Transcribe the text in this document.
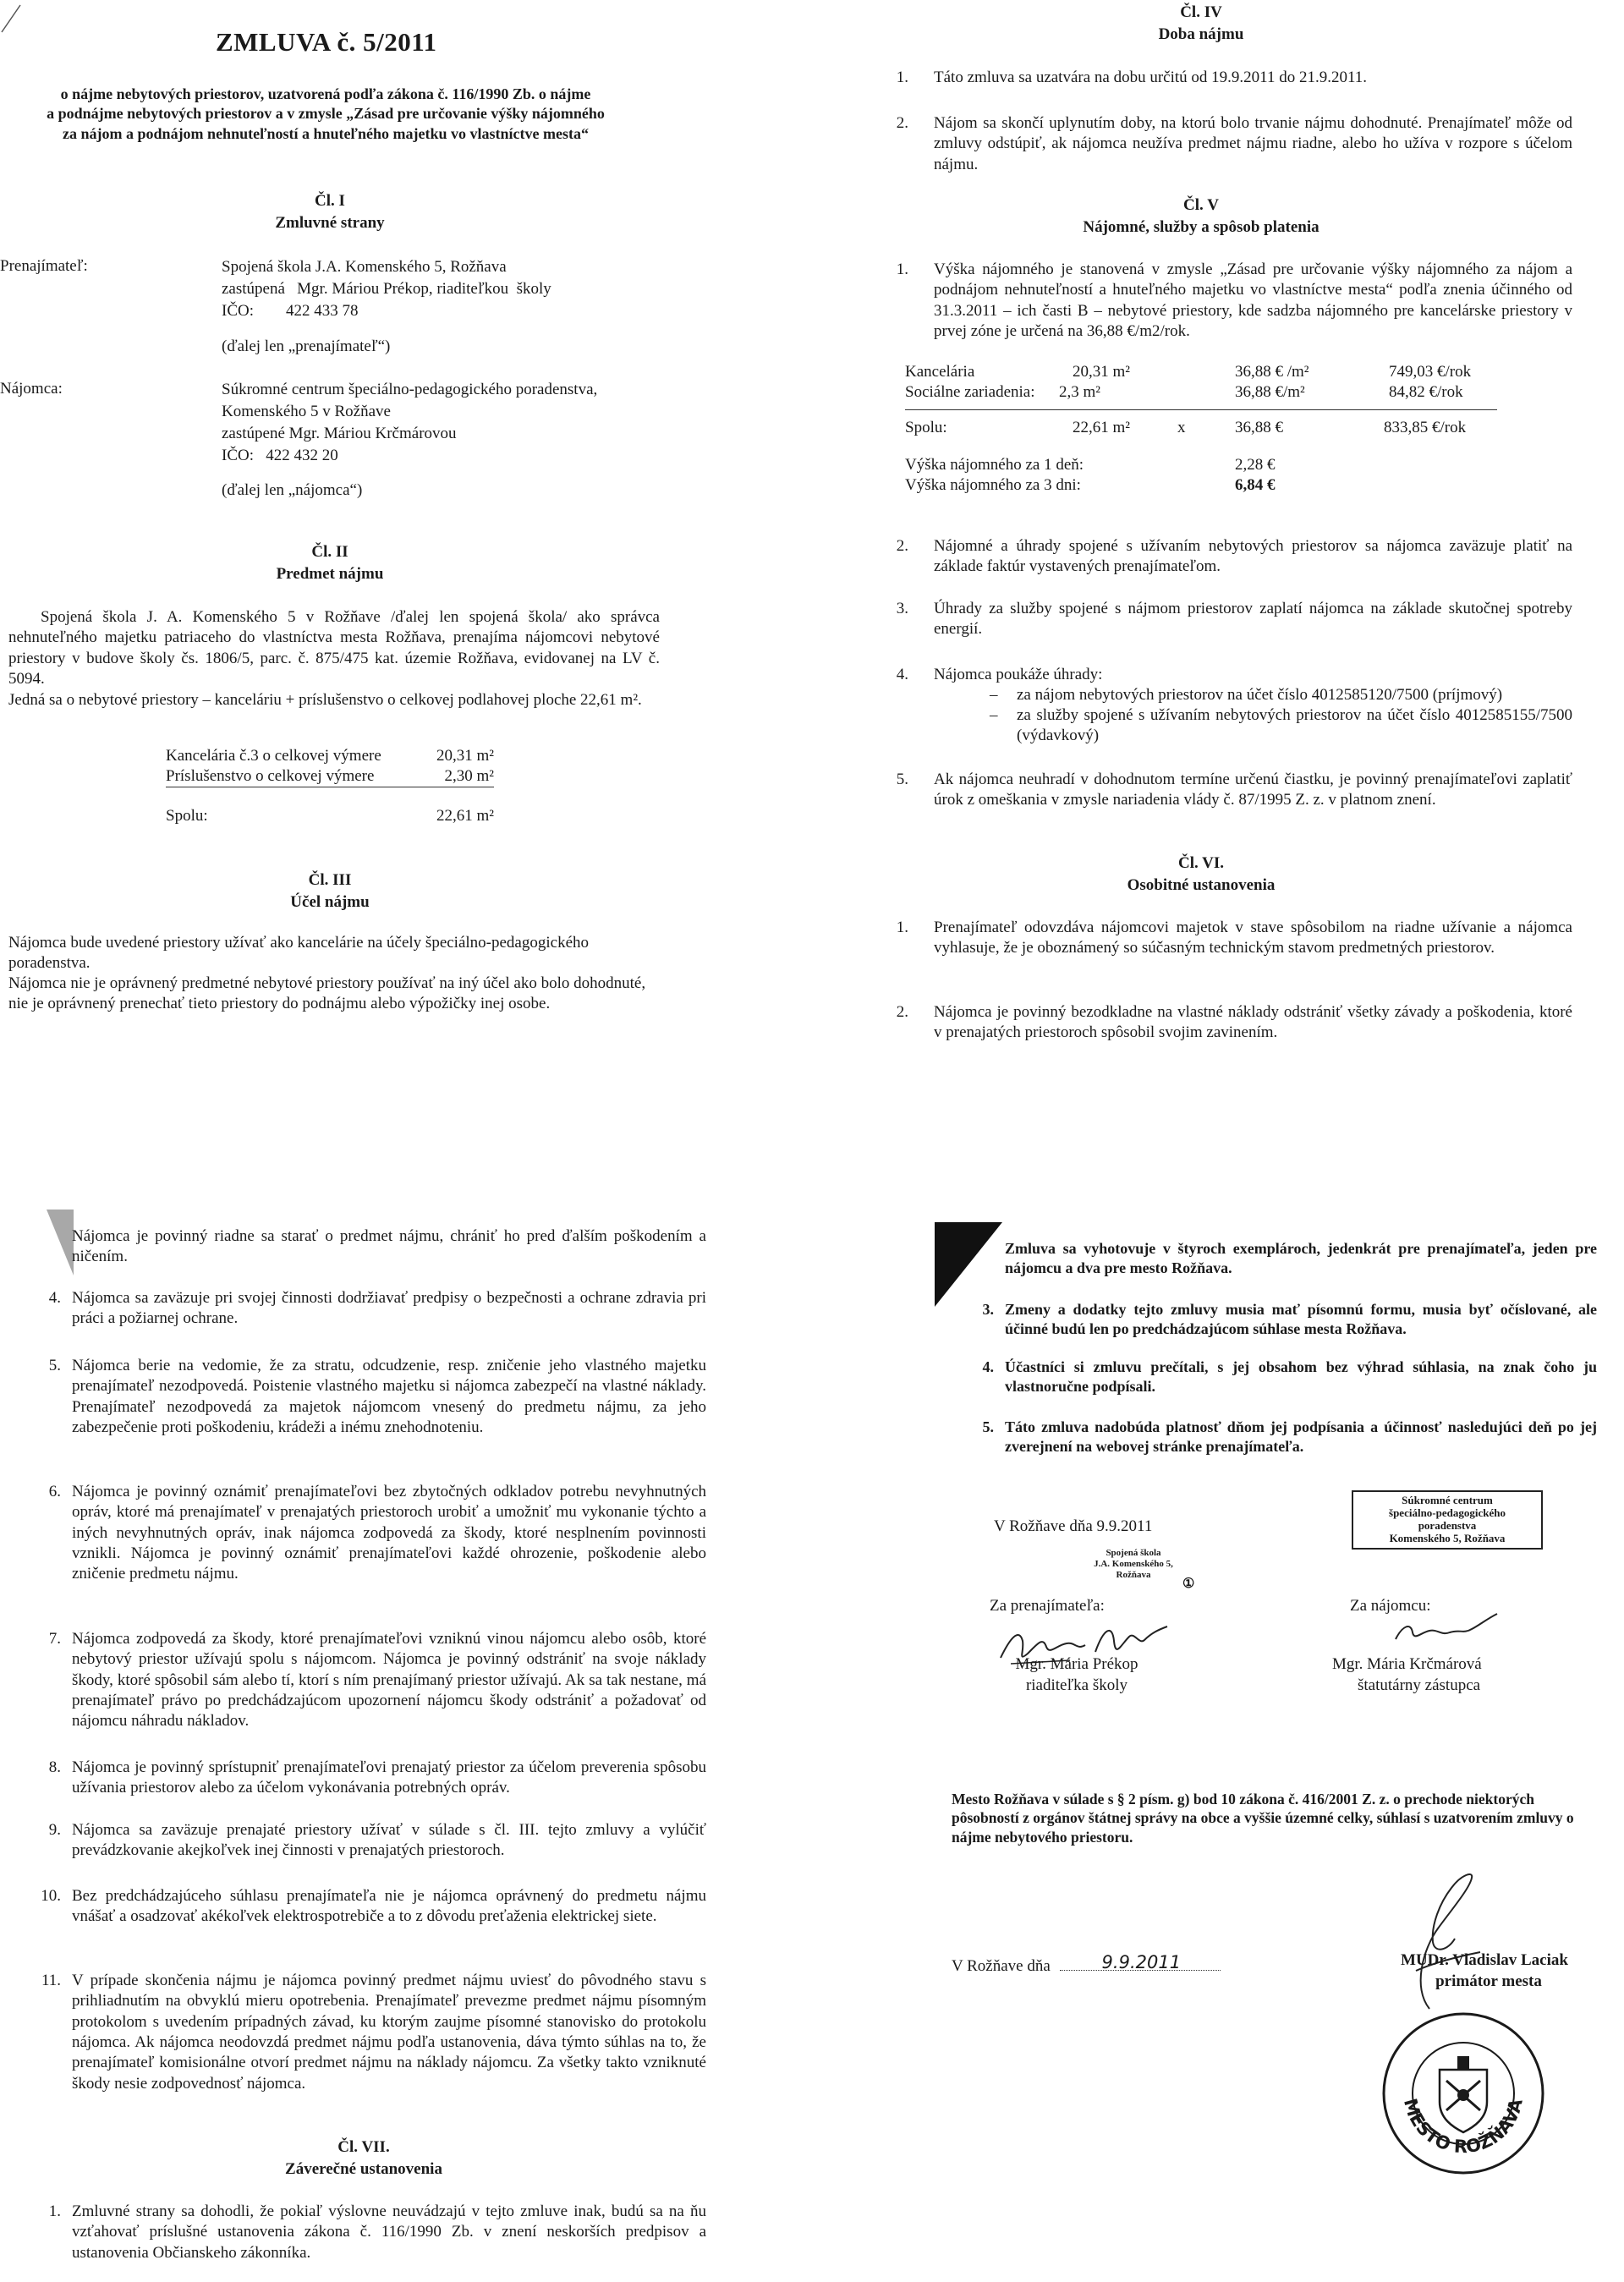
ZMLUVA č. 5/2011
o nájme nebytových priestorov, uzatvorená podľa zákona č. 116/1990 Zb. o nájme
a podnájme nebytových priestorov a v zmysle „Zásad pre určovanie výšky nájomného
za nájom a podnájom nehnuteľností a hnuteľného majetku vo vlastníctve mesta“
Čl. I
Zmluvné strany
Prenajímateľ:	Spojená škola J.A. Komenského 5, Rožňava
zastúpená   Mgr. Máriou Prékop, riaditeľkou  školy
IČO:        422 433 78
(ďalej len „prenajímateľ“)
Nájomca:	Súkromné centrum špeciálno-pedagogického poradenstva,
Komenského 5 v Rožňave
zastúpené Mgr. Máriou Krčmárovou
IČO:   422 432 20
(ďalej len „nájomca“)
Čl. II
Predmet nájmu
Spojená škola J. A. Komenského 5 v Rožňave /ďalej len spojená škola/ ako správca nehnuteľného majetku patriaceho do vlastníctva mesta Rožňava, prenajíma nájomcovi nebytové priestory v budove školy čs. 1806/5, parc. č. 875/475 kat. územie Rožňava, evidovanej na LV č. 5094.
Jedná sa o nebytové priestory – kanceláriu + príslušenstvo o celkovej podlahovej ploche 22,61 m².
Kancelária č.3 o celkovej výmere	20,31 m²
Príslušenstvo o celkovej výmere	2,30 m²
Spolu:	22,61 m²
Čl. III
Účel nájmu
Nájomca bude uvedené priestory užívať ako kancelárie na účely špeciálno-pedagogického poradenstva.
Nájomca nie je oprávnený predmetné nebytové priestory používať na iný účel ako bolo dohodnuté, nie je oprávnený prenechať tieto priestory do podnájmu alebo výpožičky inej osobe.
Čl. IV
Doba nájmu
1. Táto zmluva sa uzatvára na dobu určitú od 19.9.2011 do 21.9.2011.
2. Nájom sa skončí uplynutím doby, na ktorú bolo trvanie nájmu dohodnuté. Prenajímateľ môže od zmluvy odstúpiť, ak nájomca neužíva predmet nájmu riadne, alebo ho užíva v rozpore s účelom nájmu.
Čl. V
Nájomné, služby a spôsob platenia
1. Výška nájomného je stanovená v zmysle „Zásad pre určovanie výšky nájomného za nájom a podnájom nehnuteľností a hnuteľného majetku vo vlastníctve mesta“ podľa znenia účinného od 31.3.2011 – ich časti B – nebytové priestory, kde sadzba nájomného pre kancelárske priestory v prvej zóne je určená na 36,88 €/m2/rok.
Kancelária	20,31 m²	36,88 € /m²	749,03 €/rok
Sociálne zariadenia: 2,3 m²	36,88 €/m²	84,82 €/rok
Spolu:	22,61 m²	x	36,88 €	833,85 €/rok
Výška nájomného za 1 deň:	2,28 €
Výška nájomného za 3 dni:	6,84 €
2. Nájomné a úhrady spojené s užívaním nebytových priestorov sa nájomca zaväzuje platiť na základe faktúr vystavených prenajímateľom.
3. Úhrady za služby spojené s nájmom priestorov zaplatí nájomca na základe skutočnej spotreby energií.
4. Nájomca poukáže úhrady:
– za nájom nebytových priestorov na účet číslo 4012585120/7500 (príjmový)
– za služby spojené s užívaním nebytových priestorov na účet číslo 4012585155/7500 (výdavkový)
5. Ak nájomca neuhradí v dohodnutom termíne určenú čiastku, je povinný prenajímateľovi zaplatiť úrok z omeškania v zmysle nariadenia vlády č. 87/1995 Z. z. v platnom znení.
Čl. VI.
Osobitné ustanovenia
1. Prenajímateľ odovzdáva nájomcovi majetok v stave spôsobilom na riadne užívanie a nájomca vyhlasuje, že je oboznámený so súčasným technickým stavom predmetných priestorov.
2. Nájomca je povinný bezodkladne na vlastné náklady odstrániť všetky závady a poškodenia, ktoré v prenajatých priestoroch spôsobil svojim zavinením.
Nájomca je povinný riadne sa starať o predmet nájmu, chrániť ho pred ďalším poškodením a ničením.
4. Nájomca sa zaväzuje pri svojej činnosti dodržiavať predpisy o bezpečnosti a ochrane zdravia pri práci a požiarnej ochrane.
5. Nájomca berie na vedomie, že za stratu, odcudzenie, resp. zničenie jeho vlastného majetku prenajímateľ nezodpovedá. Poistenie vlastného majetku si nájomca zabezpečí na vlastné náklady. Prenajímateľ nezodpovedá za majetok nájomcom vnesený do predmetu nájmu, za jeho zabezpečenie proti poškodeniu, krádeži a inému znehodnoteniu.
6. Nájomca je povinný oznámiť prenajímateľovi bez zbytočných odkladov potrebu nevyhnutných opráv, ktoré má prenajímateľ v prenajatých priestoroch urobiť a umožniť mu vykonanie týchto a iných nevyhnutných opráv, inak nájomca zodpovedá za škody, ktoré nesplnením povinnosti vznikli. Nájomca je povinný oznámiť prenajímateľovi každé ohrozenie, poškodenie alebo zničenie predmetu nájmu.
7. Nájomca zodpovedá za škody, ktoré prenajímateľovi vzniknú vinou nájomcu alebo osôb, ktoré nebytový priestor užívajú spolu s nájomcom. Nájomca je povinný odstrániť na svoje náklady škody, ktoré spôsobil sám alebo tí, ktorí s ním prenajímaný priestor užívajú. Ak sa tak nestane, má prenajímateľ právo po predchádzajúcom upozornení nájomcu škody odstrániť a požadovať od nájomcu náhradu nákladov.
8. Nájomca je povinný sprístupniť prenajímateľovi prenajatý priestor za účelom preverenia spôsobu užívania priestorov alebo za účelom vykonávania potrebných opráv.
9. Nájomca sa zaväzuje prenajaté priestory užívať v súlade s čl. III. tejto zmluvy a vylúčiť prevádzkovanie akejkoľvek inej činnosti v prenajatých priestoroch.
10. Bez predchádzajúceho súhlasu prenajímateľa nie je nájomca oprávnený do predmetu nájmu vnášať a osadzovať akékoľvek elektrospotrebiče a to z dôvodu preťaženia elektrickej siete.
11. V prípade skončenia nájmu je nájomca povinný predmet nájmu uviesť do pôvodného stavu s prihliadnutím na obvyklú mieru opotrebenia. Prenajímateľ prevezme predmet nájmu písomným protokolom s uvedením prípadných závad, ku ktorým zaujme písomné stanovisko do protokolu nájomca. Ak nájomca neodovzdá predmet nájmu podľa ustanovenia, dáva týmto súhlas na to, že prenajímateľ komisionálne otvorí predmet nájmu na náklady nájomcu. Za všetky takto vzniknuté škody nesie zodpovednosť nájomca.
Čl. VII.
Záverečné ustanovenia
1. Zmluvné strany sa dohodli, že pokiaľ výslovne neuvádzajú v tejto zmluve inak, budú sa na ňu vzťahovať príslušné ustanovenia zákona č. 116/1990 Zb. v znení neskorších predpisov a ustanovenia Občianskeho zákonníka.
Zmluva sa vyhotovuje v štyroch exemplároch, jedenkrát pre prenajímateľa, jeden pre nájomcu a dva pre mesto Rožňava.
3. Zmeny a dodatky tejto zmluvy musia mať písomnú formu, musia byť očíslované, ale účinné budú len po predchádzajúcom súhlase mesta Rožňava.
4. Účastníci si zmluvu prečítali, s jej obsahom bez výhrad súhlasia, na znak čoho ju vlastnoručne podpísali.
5. Táto zmluva nadobúda platnosť dňom jej podpísania a účinnosť nasledujúci deň po jej zverejnení na webovej stránke prenajímateľa.
V Rožňave dňa 9.9.2011
Spojená škola
J.A. Komenského 5,
Rožňava
①
Súkromné centrum
špeciálno-pedagogického
poradenstva
Komenského 5, Rožňava
Za prenajímateľa:	Za nájomcu:
Mgr. Mária Prékop
riaditeľka školy
Mgr. Mária Krčmárová
štatutárny zástupca
Mesto Rožňava v súlade s § 2 písm. g) bod 10 zákona č. 416/2001 Z. z. o prechode niektorých pôsobností z orgánov štátnej správy na obce a vyššie územné celky, súhlasí s uzatvorením zmluvy o nájme nebytového priestoru.
V Rožňave dňa	9.9.2011	MUDr. Vladislav Laciak
primátor mesta
MESTO ROŽŇAVA
